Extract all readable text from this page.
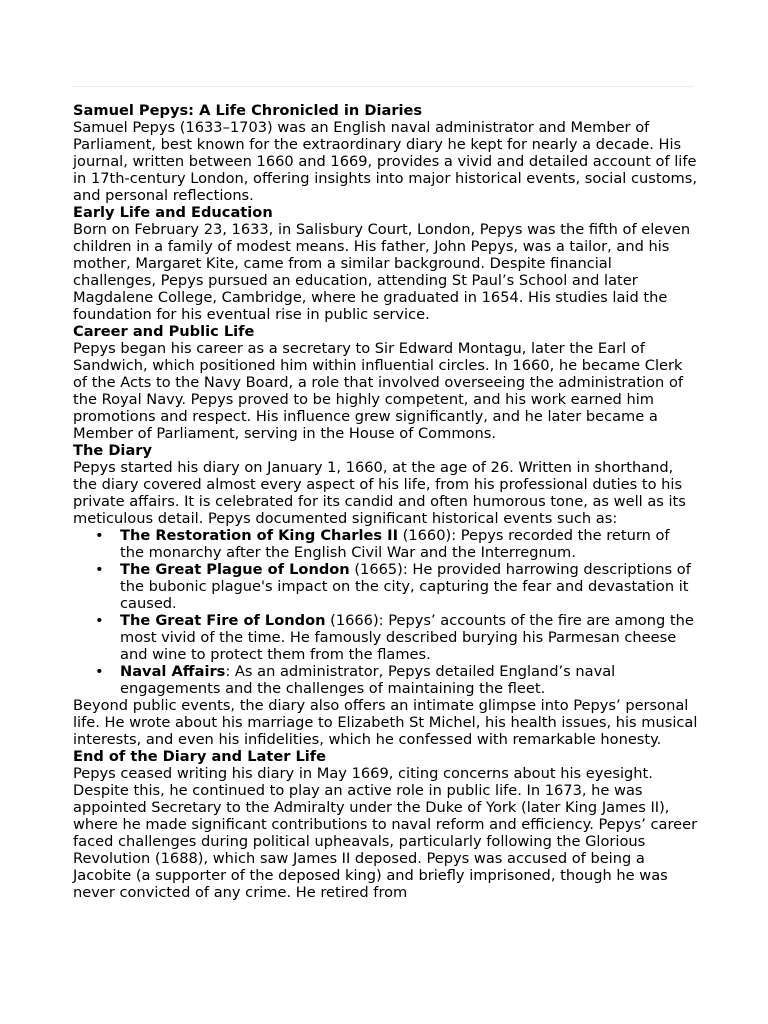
Samuel Pepys: A Life Chronicled in Diaries

Samuel Pepys (1633–1703) was an English naval administrator and Member of Parliament, best known for the extraordinary diary he kept for nearly a decade. His journal, written between 1660 and 1669, provides a vivid and detailed account of life in 17th-century London, offering insights into major historical events, social customs, and personal reflections.

Early Life and Education

Born on February 23, 1633, in Salisbury Court, London, Pepys was the fifth of eleven children in a family of modest means. His father, John Pepys, was a tailor, and his mother, Margaret Kite, came from a similar background. Despite financial challenges, Pepys pursued an education, attending St Paul’s School and later Magdalene College, Cambridge, where he graduated in 1654. His studies laid the foundation for his eventual rise in public service.

Career and Public Life

Pepys began his career as a secretary to Sir Edward Montagu, later the Earl of Sandwich, which positioned him within influential circles. In 1660, he became Clerk of the Acts to the Navy Board, a role that involved overseeing the administration of the Royal Navy. Pepys proved to be highly competent, and his work earned him promotions and respect. His influence grew significantly, and he later became a Member of Parliament, serving in the House of Commons.

The Diary

Pepys started his diary on January 1, 1660, at the age of 26. Written in shorthand, the diary covered almost every aspect of his life, from his professional duties to his private affairs. It is celebrated for its candid and often humorous tone, as well as its meticulous detail. Pepys documented significant historical events such as:

• The Restoration of King Charles II (1660): Pepys recorded the return of the monarchy after the English Civil War and the Interregnum.
• The Great Plague of London (1665): He provided harrowing descriptions of the bubonic plague's impact on the city, capturing the fear and devastation it caused.
• The Great Fire of London (1666): Pepys’ accounts of the fire are among the most vivid of the time. He famously described burying his Parmesan cheese and wine to protect them from the flames.
• Naval Affairs: As an administrator, Pepys detailed England’s naval engagements and the challenges of maintaining the fleet.

Beyond public events, the diary also offers an intimate glimpse into Pepys’ personal life. He wrote about his marriage to Elizabeth St Michel, his health issues, his musical interests, and even his infidelities, which he confessed with remarkable honesty.

End of the Diary and Later Life

Pepys ceased writing his diary in May 1669, citing concerns about his eyesight. Despite this, he continued to play an active role in public life. In 1673, he was appointed Secretary to the Admiralty under the Duke of York (later King James II), where he made significant contributions to naval reform and efficiency. Pepys’ career faced challenges during political upheavals, particularly following the Glorious Revolution (1688), which saw James II deposed. Pepys was accused of being a Jacobite (a supporter of the deposed king) and briefly imprisoned, though he was never convicted of any crime. He retired from
